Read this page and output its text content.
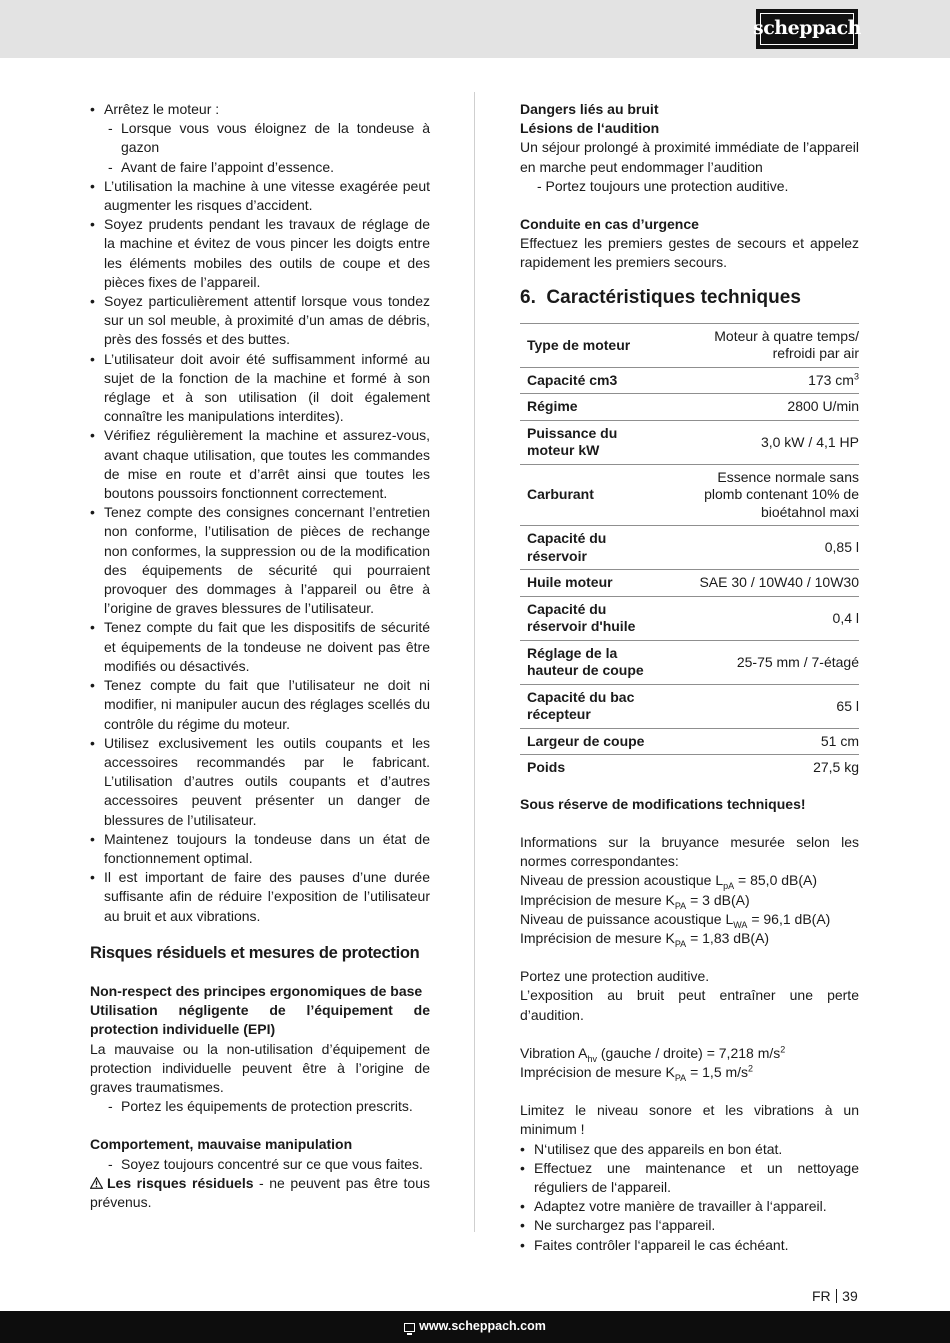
scheppach
• Arrêtez le moteur :
- Lorsque vous vous éloignez de la tondeuse à gazon
- Avant de faire l’appoint d’essence.
• L’utilisation la machine à une vitesse exagérée peut augmenter les risques d’accident.
• Soyez prudents pendant les travaux de réglage de la machine et évitez de vous pincer les doigts entre les éléments mobiles des outils de coupe et des pièces fixes de l’appareil.
• Soyez particulièrement attentif lorsque vous tondez sur un sol meuble, à proximité d’un amas de débris, près des fossés et des buttes.
• L’utilisateur doit avoir été suffisamment informé au sujet de la fonction de la machine et formé à son réglage et à son utilisation (il doit également connaître les manipulations interdites).
• Vérifiez régulièrement la machine et assurez-vous, avant chaque utilisation, que toutes les commandes de mise en route et d’arrêt ainsi que toutes les boutons poussoirs fonctionnent correctement.
• Tenez compte des consignes concernant l’entretien non conforme, l’utilisation de pièces de rechange non conformes, la suppression ou de la modification des équipements de sécurité qui pourraient provoquer des dommages à l’appareil ou être à l’origine de graves blessures de l’utilisateur.
• Tenez compte du fait que les dispositifs de sécurité et équipements de la tondeuse ne doivent pas être modifiés ou désactivés.
• Tenez compte du fait que l’utilisateur ne doit ni modifier, ni manipuler aucun des réglages scellés du contrôle du régime du moteur.
• Utilisez exclusivement les outils coupants et les accessoires recommandés par le fabricant. L’utilisation d’autres outils coupants et d’autres accessoires peuvent présenter un danger de blessures de l’utilisateur.
• Maintenez toujours la tondeuse dans un état de fonctionnement optimal.
• Il est important de faire des pauses d’une durée suffisante afin de réduire l’exposition de l’utilisateur au bruit et aux vibrations.

Risques résiduels et mesures de protection

Non-respect des principes ergonomiques de base

Utilisation négligente de l’équipement de protection individuelle (EPI)

La mauvaise ou la non-utilisation d’équipement de protection individuelle peuvent être à l’origine de graves traumatismes.

- Portez les équipements de protection prescrits.

Comportement, mauvaise manipulation

- Soyez toujours concentré sur ce que vous faites.

Les risques résiduels - ne peuvent pas être tous prévenus.

Dangers liés au bruit

Lésions de l‘audition

Un séjour prolongé à proximité immédiate de l’appareil en marche peut endommager l’audition

- Portez toujours une protection auditive.

Conduite en cas d’urgence

Effectuez les premiers gestes de secours et appelez rapidement les premiers secours.

6.  Caractéristiques techniques

Type de moteur	Moteur à quatre temps/ refroidi par air
Capacité cm3	173 $cm^3$
Régime	2800 U/min
Puissance du moteur kW	3,0 kW / 4,1 HP
Carburant	Essence normale sans plomb contenant 10% de bioétahnol maxi
Capacité du réservoir	0,85 l
Huile moteur	SAE 30 / 10W40 / 10W30
Capacité du réservoir d'huile	0,4 l
Réglage de la hauteur de coupe	25-75 mm / 7-étagé
Capacité du bac récepteur	65 l
Largeur de coupe	51 cm
Poids	27,5 kg

Sous réserve de modifications techniques!

Informations sur la bruyance mesurée selon les normes correspondantes:

Niveau de pression acoustique $L_{pA} = 85,0$ dB(A)

Imprécision de mesure $K_{PA} = 3$ dB(A)

Niveau de puissance acoustique $L_{WA} = 96,1$ dB(A)

Imprécision de mesure $K_{PA} = 1,83$ dB(A)

Portez une protection auditive.

L’exposition au bruit peut entraîner une perte d’audition.

Vibration $A_{hv}$ (gauche / droite) = 7,218 $m/s^2$

Imprécision de mesure $K_{PA} = 1,5$ $m/s^2$

Limitez le niveau sonore et les vibrations à un minimum !

• N‘utilisez que des appareils en bon état.
• Effectuez une maintenance et un nettoyage réguliers de l‘appareil.
• Adaptez votre manière de travailler à l‘appareil.
• Ne surchargez pas l‘appareil.
• Faites contrôler l‘appareil le cas échéant.
FR 39
www.scheppach.com
